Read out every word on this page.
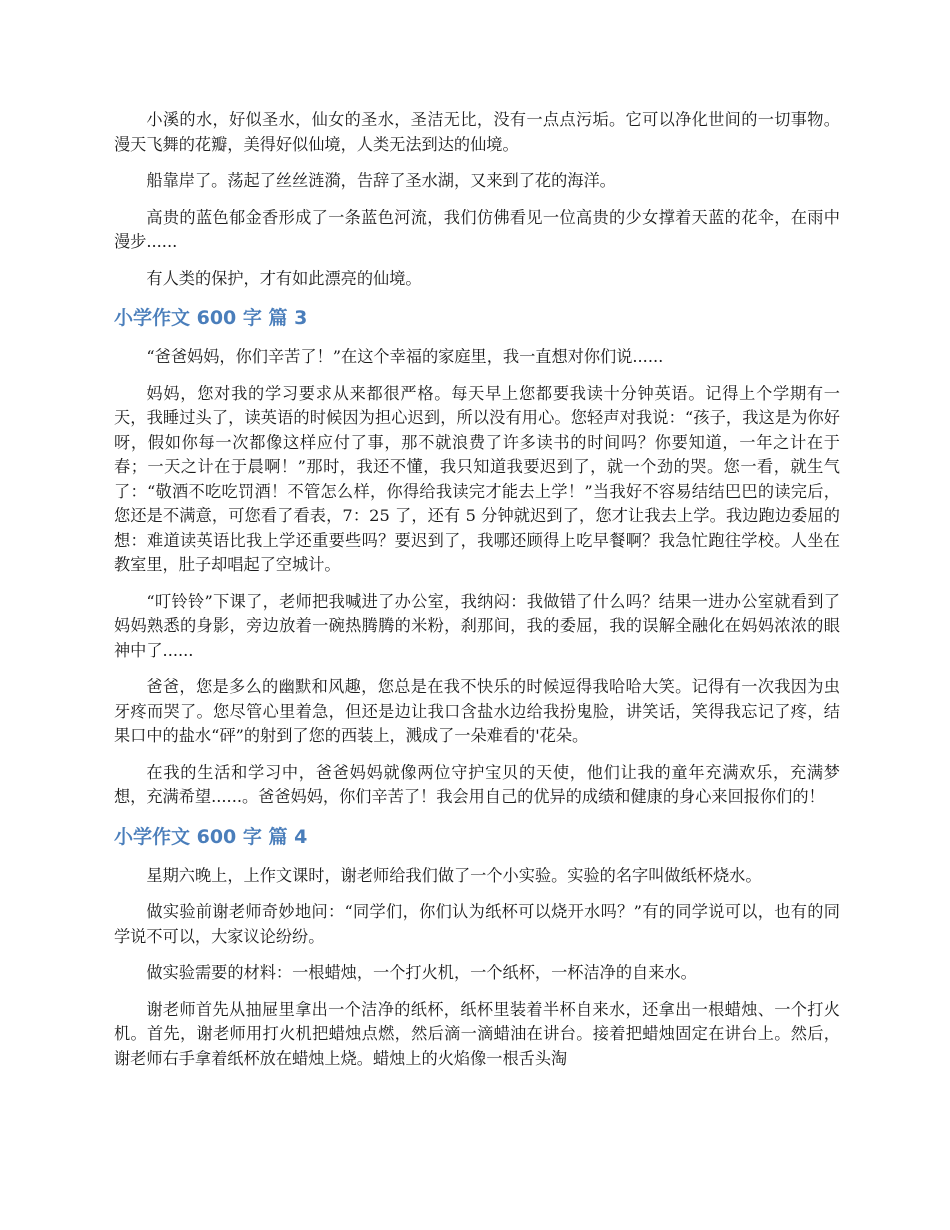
小溪的水，好似圣水，仙女的圣水，圣洁无比，没有一点点污垢。它可以净化世间的一切事物。漫天飞舞的花瓣，美得好似仙境，人类无法到达的仙境。

船靠岸了。荡起了丝丝涟漪，告辞了圣水湖，又来到了花的海洋。

高贵的蓝色郁金香形成了一条蓝色河流，我们仿佛看见一位高贵的少女撑着天蓝的花伞，在雨中漫步......

有人类的保护，才有如此漂亮的仙境。

小学作文 600 字 篇 3

“爸爸妈妈，你们辛苦了！”在这个幸福的家庭里，我一直想对你们说......

妈妈，您对我的学习要求从来都很严格。每天早上您都要我读十分钟英语。记得上个学期有一天，我睡过头了，读英语的时候因为担心迟到，所以没有用心。您轻声对我说：“孩子，我这是为你好呀，假如你每一次都像这样应付了事，那不就浪费了许多读书的时间吗？你要知道，一年之计在于春；一天之计在于晨啊！”那时，我还不懂，我只知道我要迟到了，就一个劲的哭。您一看，就生气了：“敬酒不吃吃罚酒！不管怎么样，你得给我读完才能去上学！”当我好不容易结结巴巴的读完后，您还是不满意，可您看了看表，7：25 了，还有 5 分钟就迟到了，您才让我去上学。我边跑边委屈的想：难道读英语比我上学还重要些吗？要迟到了，我哪还顾得上吃早餐啊？我急忙跑往学校。人坐在教室里，肚子却唱起了空城计。

“叮铃铃”下课了，老师把我喊进了办公室，我纳闷：我做错了什么吗？结果一进办公室就看到了妈妈熟悉的身影，旁边放着一碗热腾腾的米粉，刹那间，我的委屈，我的误解全融化在妈妈浓浓的眼神中了......

爸爸，您是多么的幽默和风趣，您总是在我不快乐的时候逗得我哈哈大笑。记得有一次我因为虫牙疼而哭了。您尽管心里着急，但还是边让我口含盐水边给我扮鬼脸，讲笑话，笑得我忘记了疼，结果口中的盐水“砰”的射到了您的西装上，溅成了一朵难看的'花朵。

在我的生活和学习中，爸爸妈妈就像两位守护宝贝的天使，他们让我的童年充满欢乐，充满梦想，充满希望......。爸爸妈妈，你们辛苦了！我会用自己的优异的成绩和健康的身心来回报你们的！

小学作文 600 字 篇 4

星期六晚上，上作文课时，谢老师给我们做了一个小实验。实验的名字叫做纸杯烧水。

做实验前谢老师奇妙地问：“同学们，你们认为纸杯可以烧开水吗？”有的同学说可以，也有的同学说不可以，大家议论纷纷。

做实验需要的材料：一根蜡烛，一个打火机，一个纸杯，一杯洁净的自来水。

谢老师首先从抽屉里拿出一个洁净的纸杯，纸杯里装着半杯自来水，还拿出一根蜡烛、一个打火机。首先，谢老师用打火机把蜡烛点燃，然后滴一滴蜡油在讲台。接着把蜡烛固定在讲台上。然后，谢老师右手拿着纸杯放在蜡烛上烧。蜡烛上的火焰像一根舌头淘
